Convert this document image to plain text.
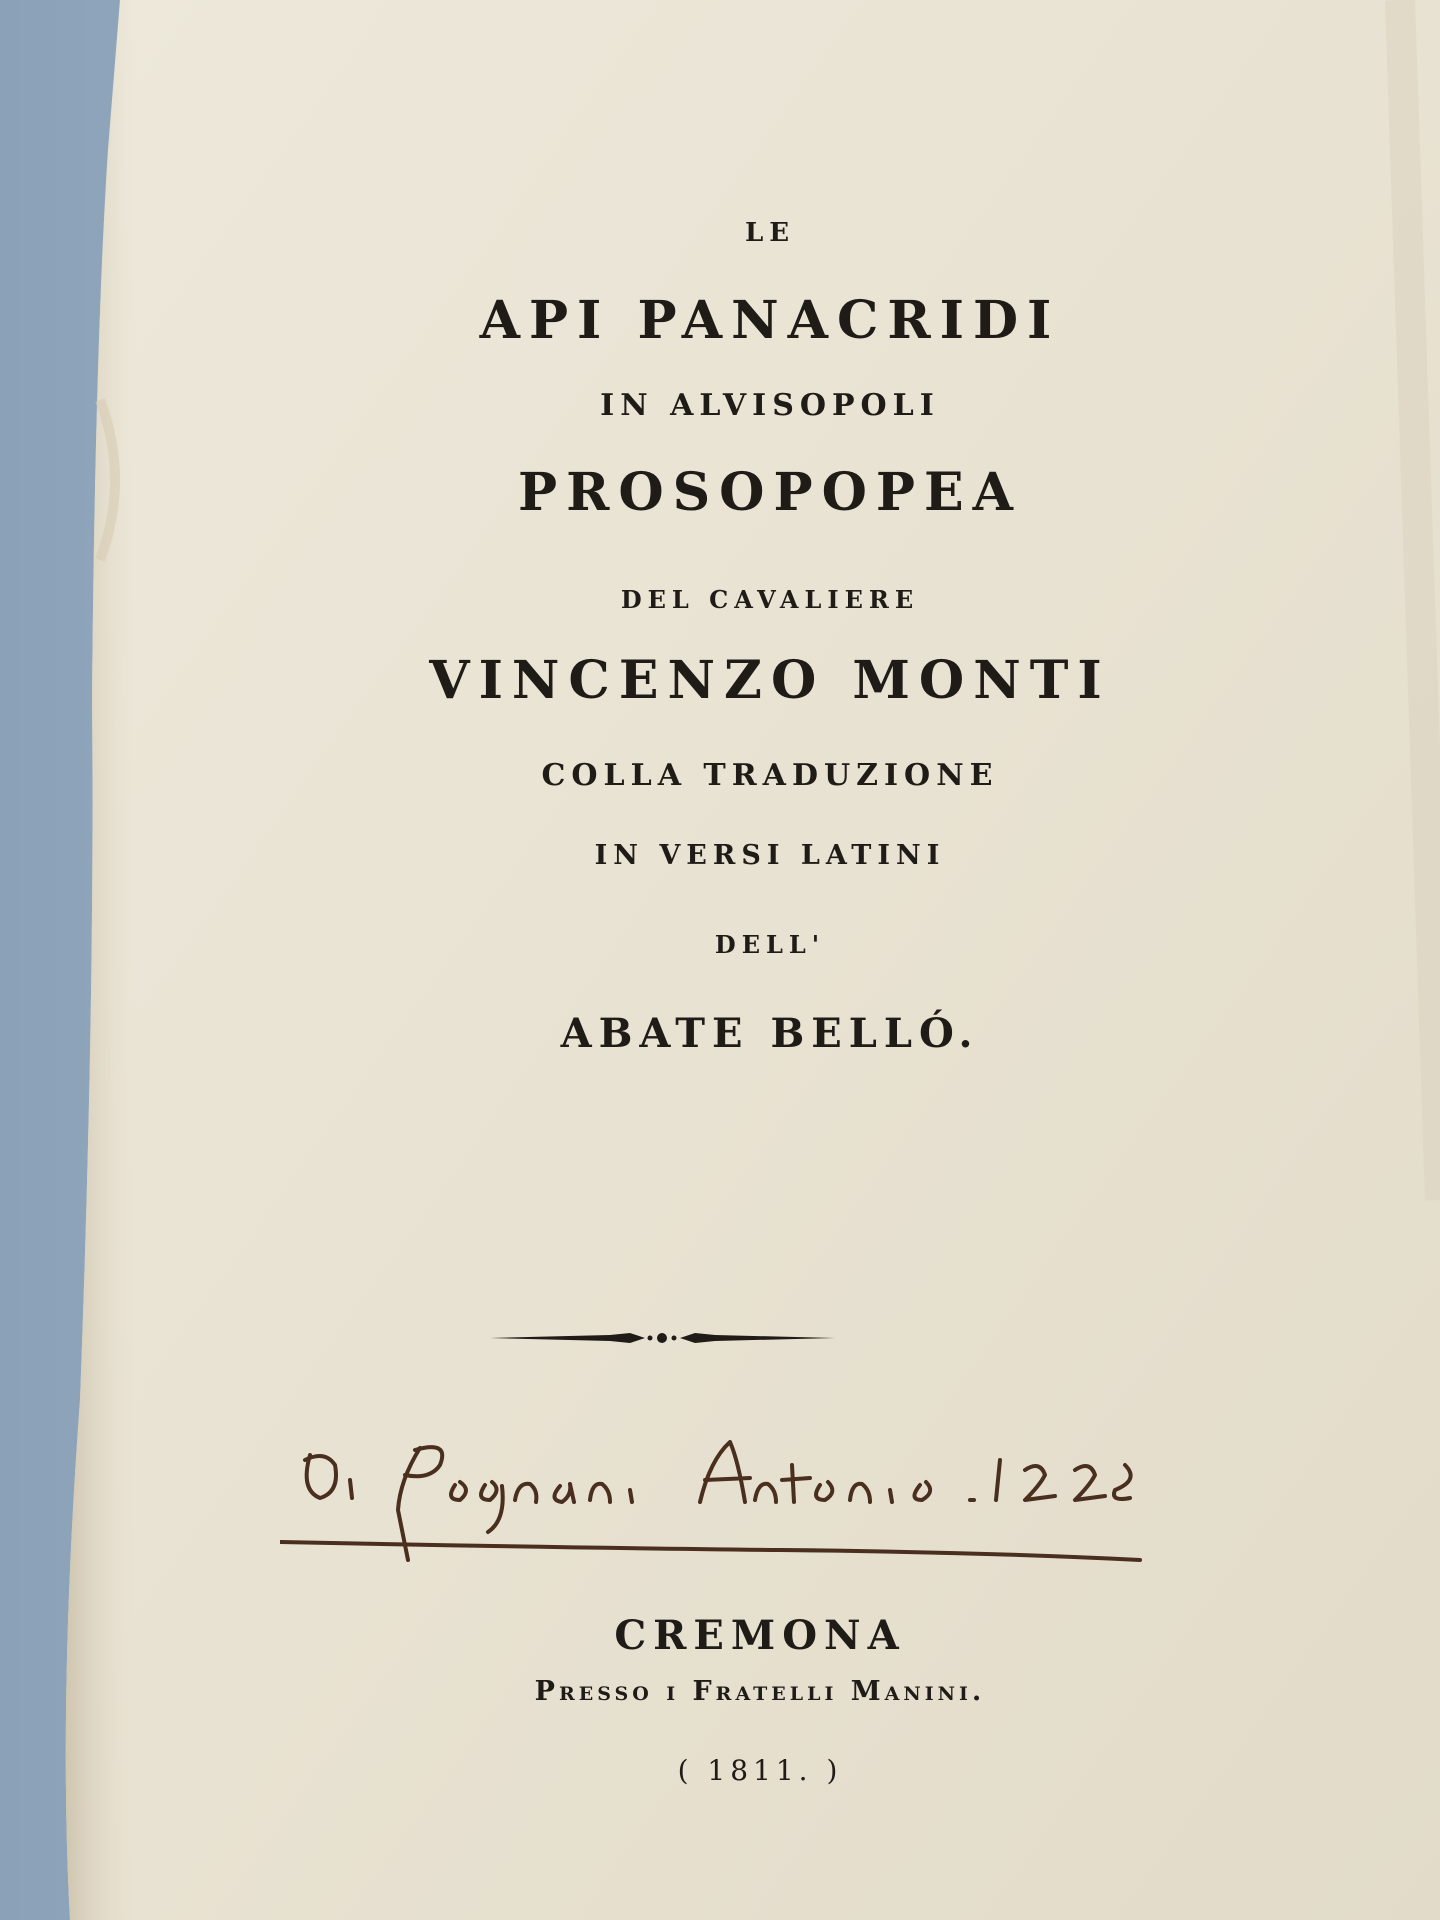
LE
API PANACRIDI
IN ALVISOPOLI
PROSOPOPEA
DEL CAVALIERE
VINCENZO MONTI
COLLA TRADUZIONE
IN VERSI LATINI
DELL'
ABATE BELLÓ.
CREMONA
Presso i Fratelli Manini.
( 1811. )
